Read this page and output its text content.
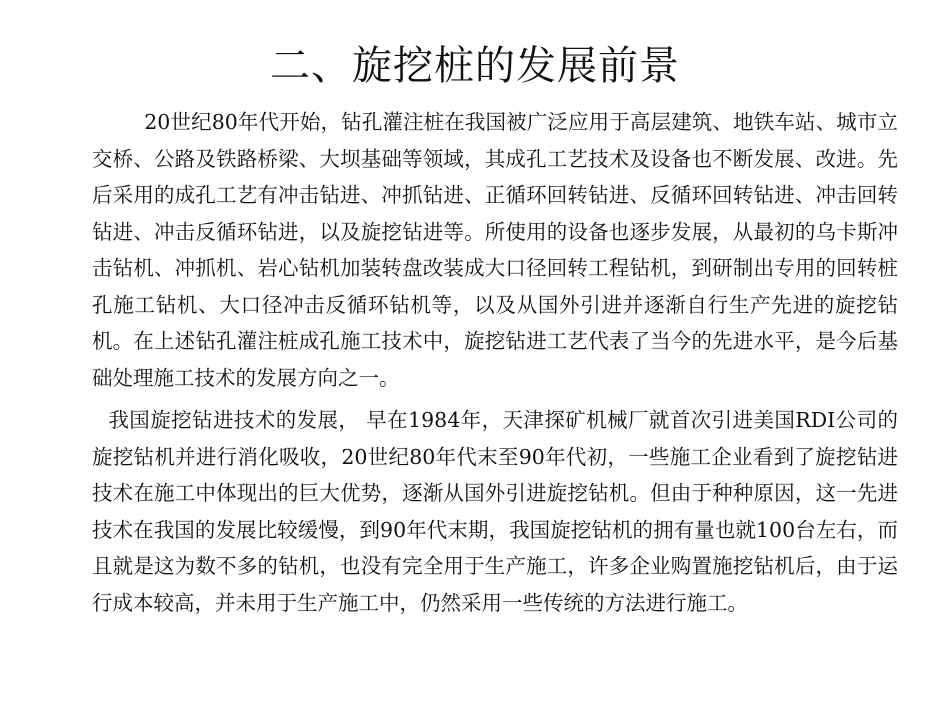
二、旋挖桩的发展前景

20世纪80年代开始，钻孔灌注桩在我国被广泛应用于高层建筑、地铁车站、城市立交桥、公路及铁路桥梁、大坝基础等领域，其成孔工艺技术及设备也不断发展、改进。先后采用的成孔工艺有冲击钻进、冲抓钻进、正循环回转钻进、反循环回转钻进、冲击回转钻进、冲击反循环钻进，以及旋挖钻进等。所使用的设备也逐步发展，从最初的乌卡斯冲击钻机、冲抓机、岩心钻机加装转盘改装成大口径回转工程钻机，到研制出专用的回转桩孔施工钻机、大口径冲击反循环钻机等，以及从国外引进并逐渐自行生产先进的旋挖钻机。在上述钻孔灌注桩成孔施工技术中，旋挖钻进工艺代表了当今的先进水平，是今后基础处理施工技术的发展方向之一。

我国旋挖钻进技术的发展， 早在1984年，天津探矿机械厂就首次引进美国RDI公司的旋挖钻机并进行消化吸收，20世纪80年代末至90年代初，一些施工企业看到了旋挖钻进技术在施工中体现出的巨大优势，逐渐从国外引进旋挖钻机。但由于种种原因，这一先进技术在我国的发展比较缓慢，到90年代末期，我国旋挖钻机的拥有量也就100台左右，而且就是这为数不多的钻机，也没有完全用于生产施工，许多企业购置施挖钻机后，由于运行成本较高，并未用于生产施工中，仍然采用一些传统的方法进行施工。
